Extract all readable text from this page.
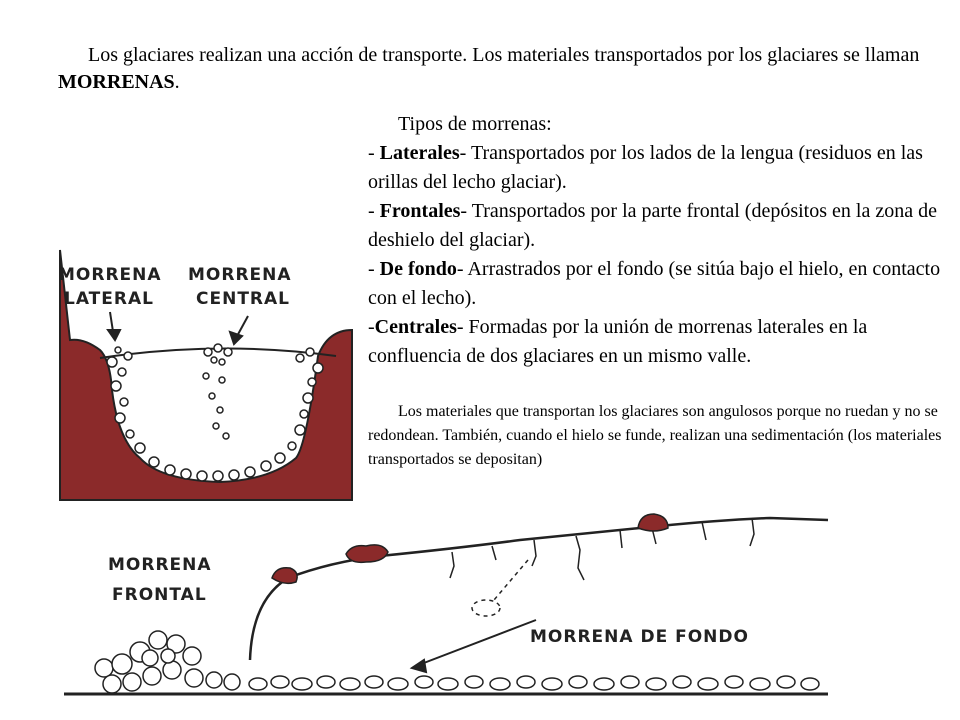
Los glaciares realizan una acción de transporte. Los materiales transportados por los glaciares se llaman MORRENAS.

Tipos de morrenas:
- Laterales- Transportados por los lados de la lengua (residuos en las orillas del lecho glaciar).
- Frontales- Transportados por la parte frontal (depósitos en la zona de deshielo del glaciar).
- De fondo- Arrastrados por el fondo (se sitúa bajo el hielo, en contacto con el lecho).
-Centrales- Formadas por la unión de morrenas laterales en la confluencia de dos glaciares en un mismo valle.

Los materiales que transportan los glaciares son angulosos porque no ruedan y no se redondean. También, cuando el hielo se funde, realizan una sedimentación (los materiales transportados se depositan)

MORRENA
LATERAL
MORRENA
CENTRAL
MORRENA
FRONTAL
MORRENA DE FONDO
